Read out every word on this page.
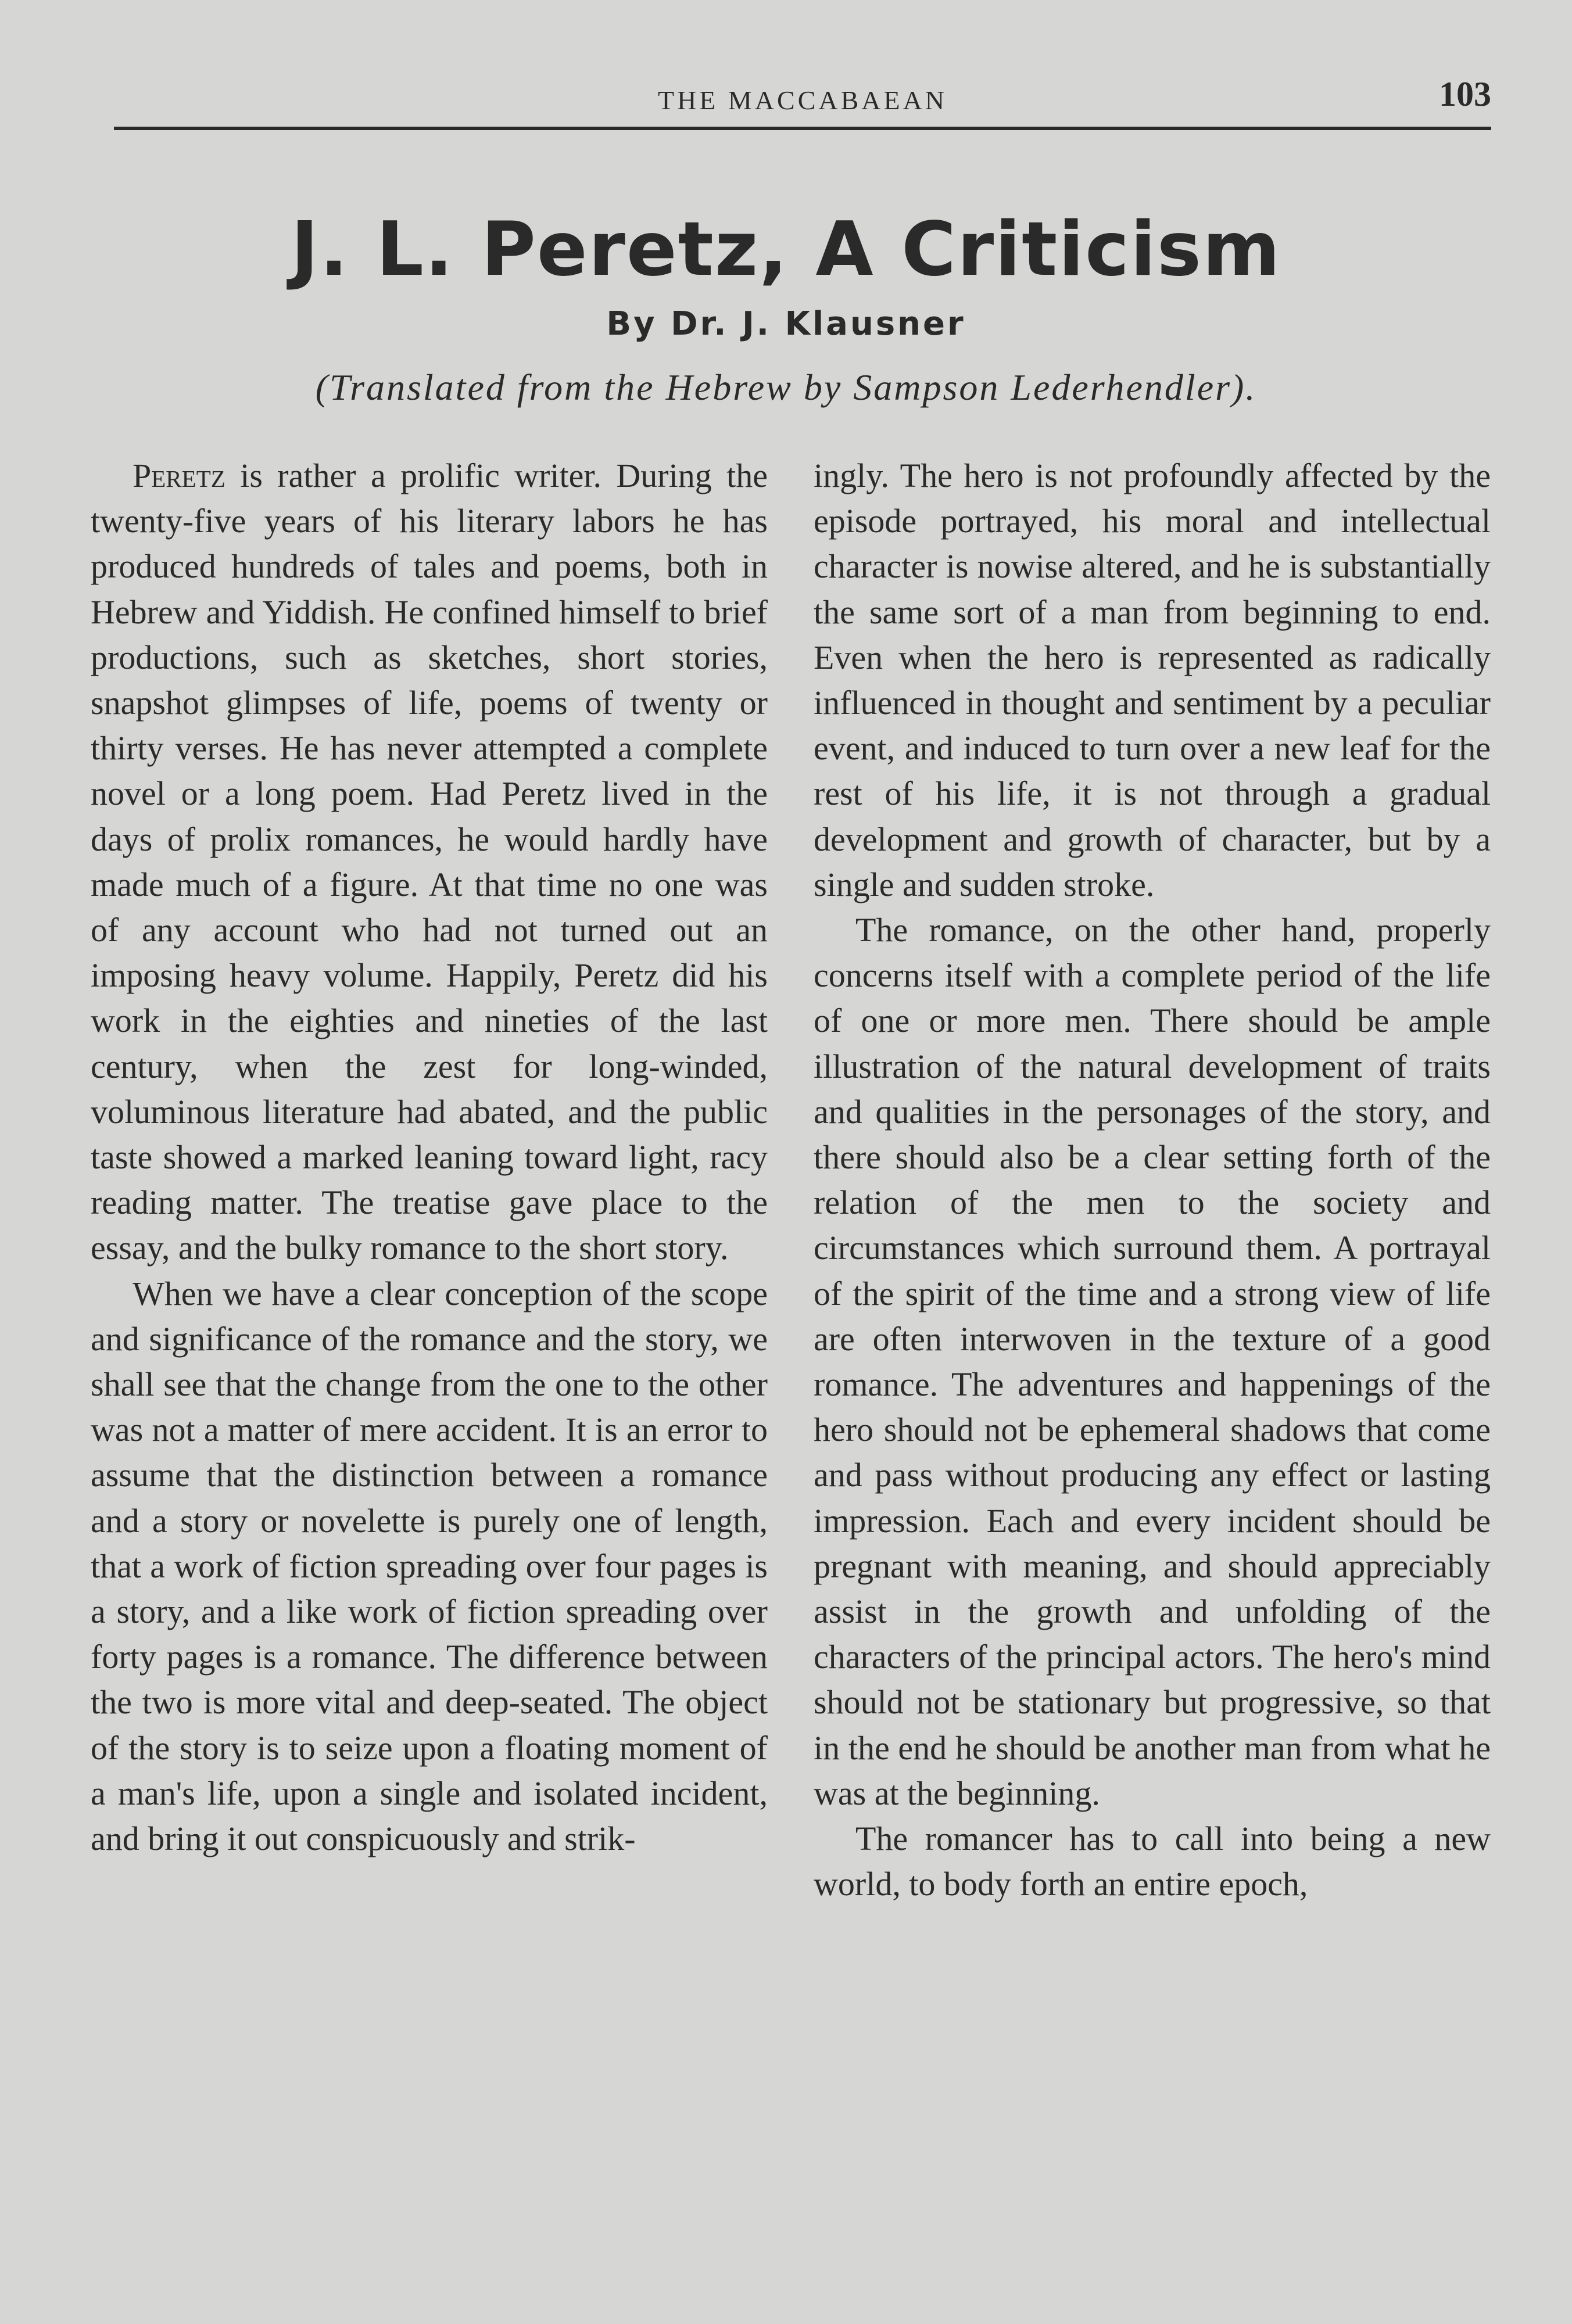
THE MACCABAEAN	103
J. L. Peretz, A Criticism
By Dr. J. Klausner
(Translated from the Hebrew by Sampson Lederhendler).

Peretz is rather a prolific writer. During the twenty-five years of his literary labors he has produced hundreds of tales and poems, both in Hebrew and Yiddish. He confined himself to brief productions, such as sketches, short stories, snapshot glimpses of life, poems of twenty or thirty verses. He has never attempted a complete novel or a long poem. Had Peretz lived in the days of prolix romances, he would hardly have made much of a figure. At that time no one was of any account who had not turned out an imposing heavy volume. Happily, Peretz did his work in the eighties and nineties of the last century, when the zest for long-winded, voluminous literature had abated, and the public taste showed a marked leaning toward light, racy reading matter. The treatise gave place to the essay, and the bulky romance to the short story.

When we have a clear conception of the scope and significance of the romance and the story, we shall see that the change from the one to the other was not a matter of mere accident. It is an error to assume that the distinction between a romance and a story or novelette is purely one of length, that a work of fiction spreading over four pages is a story, and a like work of fiction spreading over forty pages is a romance. The difference between the two is more vital and deep-seated. The object of the story is to seize upon a floating moment of a man's life, upon a single and isolated incident, and bring it out conspicuously and strik-

ingly. The hero is not profoundly affected by the episode portrayed, his moral and intellectual character is nowise altered, and he is substantially the same sort of a man from beginning to end. Even when the hero is represented as radically influenced in thought and sentiment by a peculiar event, and induced to turn over a new leaf for the rest of his life, it is not through a gradual development and growth of character, but by a single and sudden stroke.

The romance, on the other hand, properly concerns itself with a complete period of the life of one or more men. There should be ample illustration of the natural development of traits and qualities in the personages of the story, and there should also be a clear setting forth of the relation of the men to the society and circumstances which surround them. A portrayal of the spirit of the time and a strong view of life are often interwoven in the texture of a good romance. The adventures and happenings of the hero should not be ephemeral shadows that come and pass without producing any effect or lasting impression. Each and every incident should be pregnant with meaning, and should appreciably assist in the growth and unfolding of the characters of the principal actors. The hero's mind should not be stationary but progressive, so that in the end he should be another man from what he was at the beginning.

The romancer has to call into being a new world, to body forth an entire epoch,
